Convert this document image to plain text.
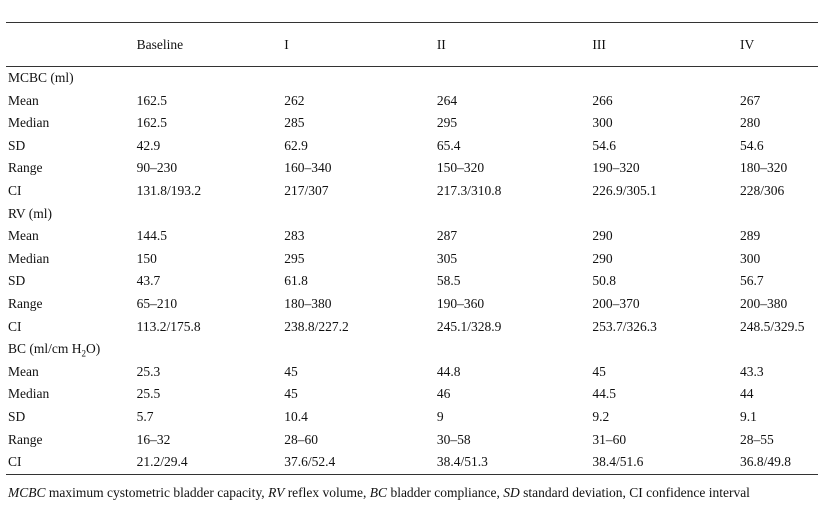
	Baseline	I	II	III	IV
MCBC (ml)					
Mean	162.5	262	264	266	267
Median	162.5	285	295	300	280
SD	42.9	62.9	65.4	54.6	54.6
Range	90–230	160–340	150–320	190–320	180–320
CI	131.8/193.2	217/307	217.3/310.8	226.9/305.1	228/306
RV (ml)					
Mean	144.5	283	287	290	289
Median	150	295	305	290	300
SD	43.7	61.8	58.5	50.8	56.7
Range	65–210	180–380	190–360	200–370	200–380
CI	113.2/175.8	238.8/227.2	245.1/328.9	253.7/326.3	248.5/329.5
BC (ml/cm $H_2O$)					
Mean	25.3	45	44.8	45	43.3
Median	25.5	45	46	44.5	44
SD	5.7	10.4	9	9.2	9.1
Range	16–32	28–60	30–58	31–60	28–55
CI	21.2/29.4	37.6/52.4	38.4/51.3	38.4/51.6	36.8/49.8
MCBC maximum cystometric bladder capacity, RV reflex volume, BC bladder compliance, SD standard deviation, CI confidence interval
